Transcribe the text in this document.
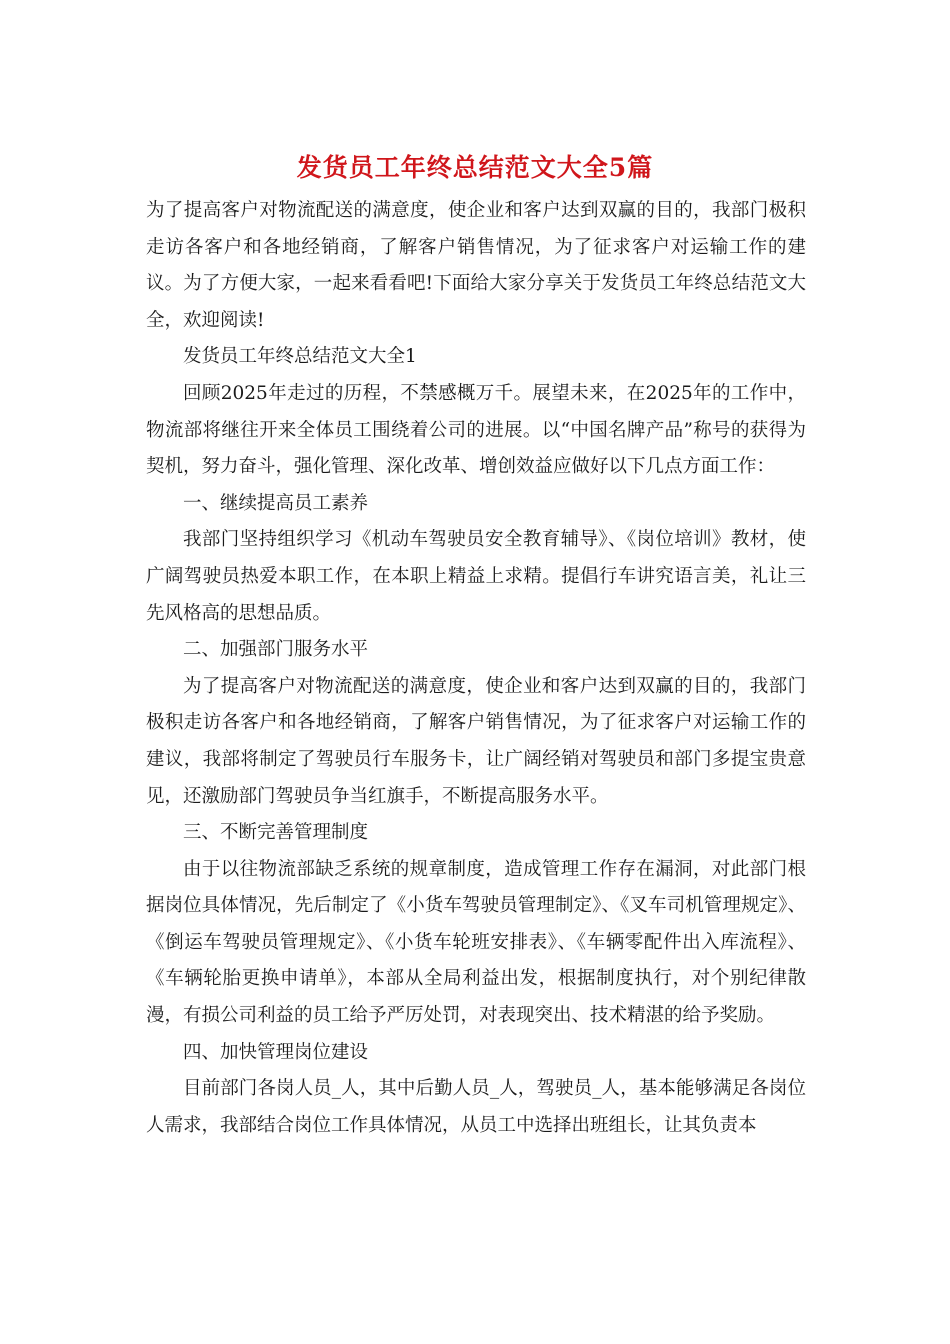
发货员工年终总结范文大全5篇

为了提高客户对物流配送的满意度，使企业和客户达到双赢的目的，我部门极积走访各客户和各地经销商，了解客户销售情况，为了征求客户对运输工作的建议。为了方便大家，一起来看看吧!下面给大家分享关于发货员工年终总结范文大全，欢迎阅读!

发货员工年终总结范文大全1

回顾2025年走过的历程，不禁感概万千。展望未来，在2025年的工作中，物流部将继往开来全体员工围绕着公司的进展。以“中国名牌产品”称号的获得为契机，努力奋斗，强化管理、深化改革、增创效益应做好以下几点方面工作：

一、继续提高员工素养

我部门坚持组织学习《机动车驾驶员安全教育辅导》、《岗位培训》教材，使广阔驾驶员热爱本职工作，在本职上精益上求精。提倡行车讲究语言美，礼让三先风格高的思想品质。

二、加强部门服务水平

为了提高客户对物流配送的满意度，使企业和客户达到双赢的目的，我部门极积走访各客户和各地经销商，了解客户销售情况，为了征求客户对运输工作的建议，我部将制定了驾驶员行车服务卡，让广阔经销对驾驶员和部门多提宝贵意见，还激励部门驾驶员争当红旗手，不断提高服务水平。

三、不断完善管理制度

由于以往物流部缺乏系统的规章制度，造成管理工作存在漏洞，对此部门根据岗位具体情况，先后制定了《小货车驾驶员管理制定》、《叉车司机管理规定》、《倒运车驾驶员管理规定》、《小货车轮班安排表》、《车辆零配件出入库流程》、《车辆轮胎更换申请单》，本部从全局利益出发，根据制度执行，对个别纪律散漫，有损公司利益的员工给予严厉处罚，对表现突出、技术精湛的给予奖励。

四、加快管理岗位建设

目前部门各岗人员_人，其中后勤人员_人，驾驶员_人，基本能够满足各岗位人需求，我部结合岗位工作具体情况，从员工中选择出班组长，让其负责本
